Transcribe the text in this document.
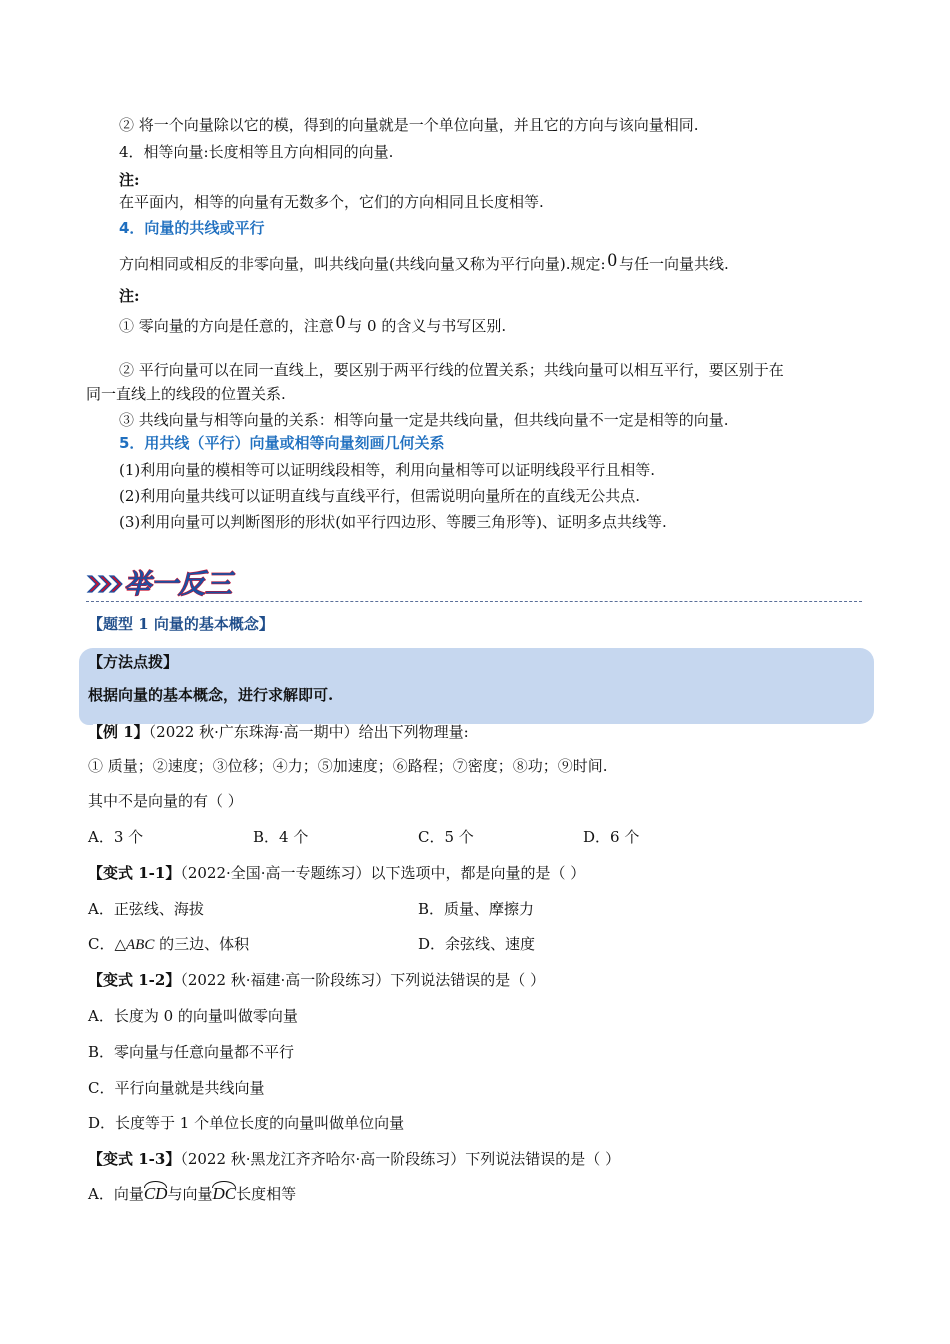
② 将一个向量除以它的模，得到的向量就是一个单位向量，并且它的方向与该向量相同.
4．相等向量:长度相等且方向相同的向量.
注:
在平面内，相等的向量有无数多个，它们的方向相同且长度相等.
4．向量的共线或平行
方向相同或相反的非零向量，叫共线向量(共线向量又称为平行向量).规定: 0 与任一向量共线.
注:
① 零向量的方向是任意的，注意 0 与 0 的含义与书写区别.
② 平行向量可以在同一直线上，要区别于两平行线的位置关系；共线向量可以相互平行，要区别于在
同一直线上的线段的位置关系.
③ 共线向量与相等向量的关系：相等向量一定是共线向量，但共线向量不一定是相等的向量.
5．用共线（平行）向量或相等向量刻画几何关系
(1)利用向量的模相等可以证明线段相等，利用向量相等可以证明线段平行且相等.
(2)利用向量共线可以证明直线与直线平行，但需说明向量所在的直线无公共点.
(3)利用向量可以判断图形的形状(如平行四边形、等腰三角形等)、证明多点共线等.
举一反三
【题型 1 向量的基本概念】
【方法点拨】
根据向量的基本概念，进行求解即可.
【例 1】（2022 秋·广东珠海·高一期中）给出下列物理量:
① 质量；②速度；③位移；④力；⑤加速度；⑥路程；⑦密度；⑧功；⑨时间.
其中不是向量的有（ ）
A．3 个	B．4 个	C．5 个	D．6 个
【变式 1-1】（2022·全国·高一专题练习）以下选项中，都是向量的是（ ）
A．正弦线、海拔	B．质量、摩擦力
C．△ABC 的三边、体积	D．余弦线、速度
【变式 1-2】（2022 秋·福建·高一阶段练习）下列说法错误的是（ ）
A．长度为 0 的向量叫做零向量
B．零向量与任意向量都不平行
C．平行向量就是共线向量
D．长度等于 1 个单位长度的向量叫做单位向量
【变式 1-3】（2022 秋·黑龙江齐齐哈尔·高一阶段练习）下列说法错误的是（ ）
A．向量CD与向量DC长度相等
